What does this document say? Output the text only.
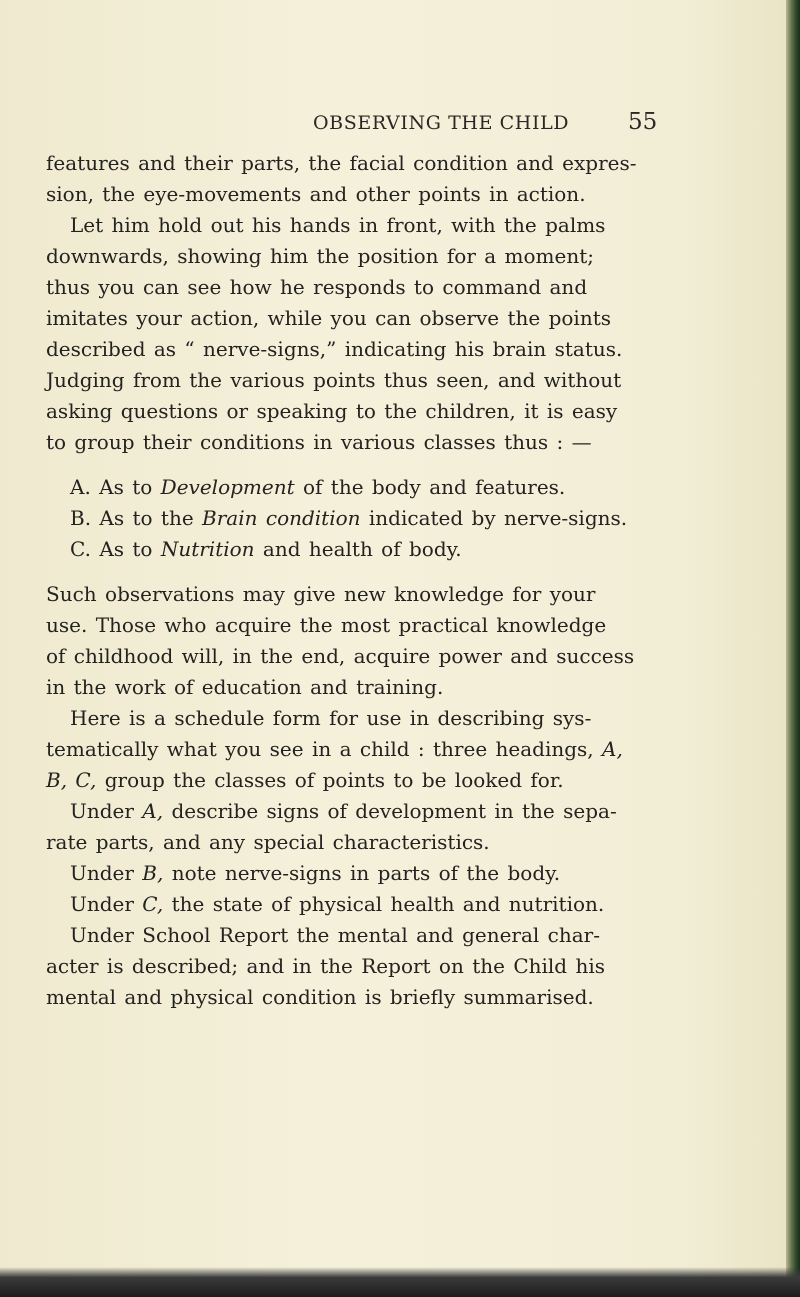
OBSERVING THE CHILD	55
features and their parts, the facial condition and expres-
sion, the eye-movements and other points in action.
Let him hold out his hands in front, with the palms
downwards, showing him the position for a moment;
thus you can see how he responds to command and
imitates your action, while you can observe the points
described as “ nerve-signs,” indicating his brain status.
Judging from the various points thus seen, and without
asking questions or speaking to the children, it is easy
to group their conditions in various classes thus : —
A. As to Development of the body and features.
B. As to the Brain condition indicated by nerve-signs.
C. As to Nutrition and health of body.
Such observations may give new knowledge for your
use. Those who acquire the most practical knowledge
of childhood will, in the end, acquire power and success
in the work of education and training.
Here is a schedule form for use in describing sys-
tematically what you see in a child : three headings, A,
B, C, group the classes of points to be looked for.
Under A, describe signs of development in the sepa-
rate parts, and any special characteristics.
Under B, note nerve-signs in parts of the body.
Under C, the state of physical health and nutrition.
Under School Report the mental and general char-
acter is described; and in the Report on the Child his
mental and physical condition is briefly summarised.
